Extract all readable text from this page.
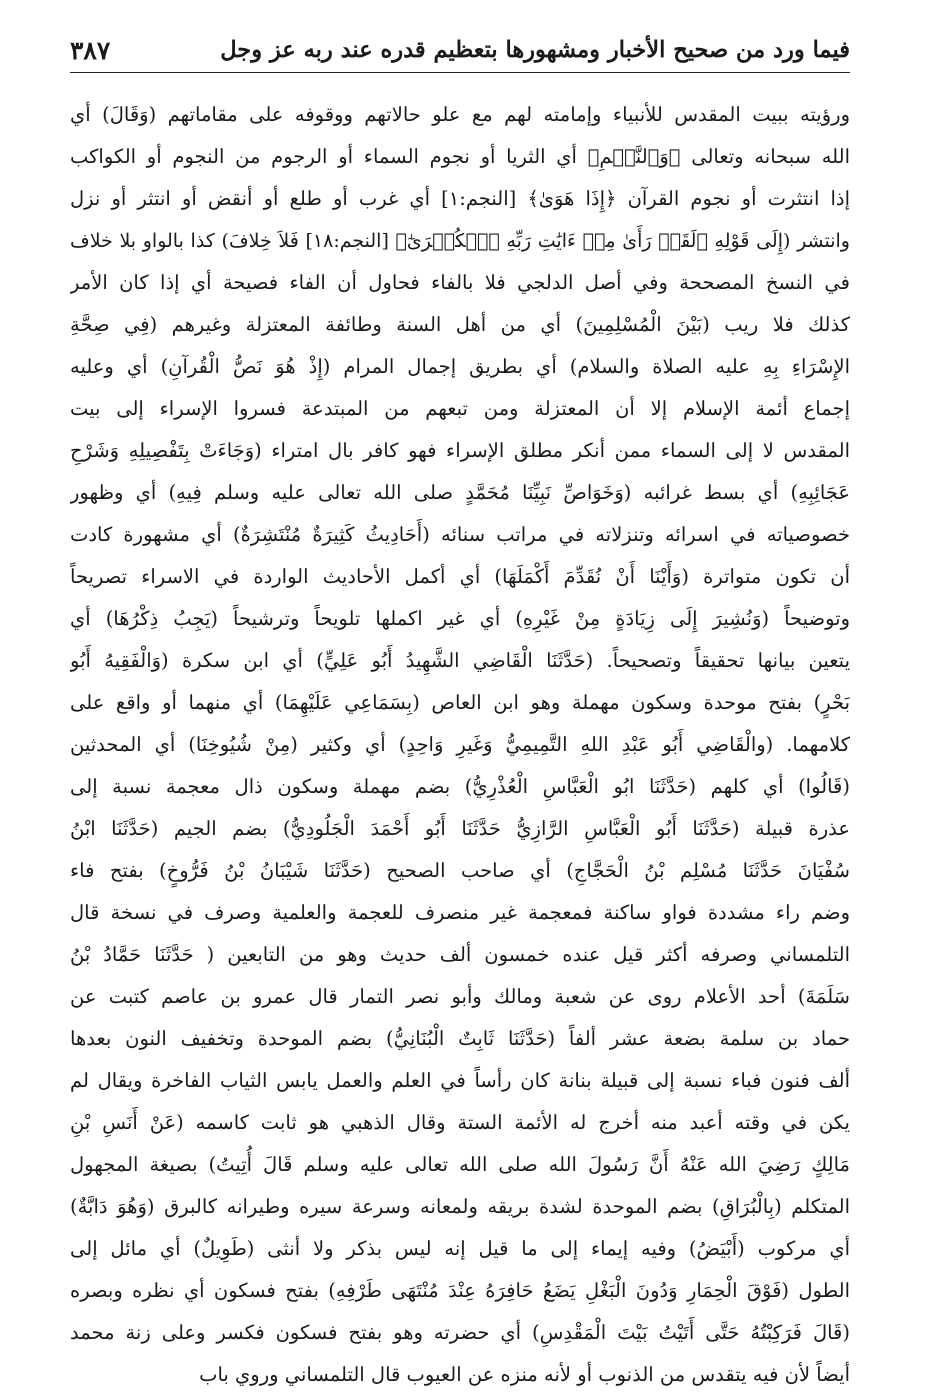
فيما ورد من صحيح الأخبار ومشهورها بتعظيم قدره عند ربه عز وجل
٣٨٧
ورؤيته ببيت المقدس للأنبياء وإمامته لهم مع علو حالاتهم ووقوفه على مقاماتهم (وَقَالَ) أي
الله سبحانه وتعالى ﴿وَٱلنَّجۡمِ﴾ أي الثريا أو نجوم السماء أو الرجوم من النجوم أو الكواكب
إذا انتثرت أو نجوم القرآن ﴿إِذَا هَوَىٰ﴾ [النجم:١] أي غرب أو طلع أو أنقض أو انتثر أو نزل
وانتشر (إِلَى قَوْلِهِ ﴿لَقَدۡ رَأَىٰ مِنۡ ءَايَٰتِ رَبِّهِ ٱلۡكُبۡرَىٰٓ﴾ [النجم:١٨] فَلاَ خِلافَ) كذا بالواو بلا خلاف
في النسخ المصححة وفي أصل الدلجي فلا بالفاء فحاول أن الفاء فصيحة أي إذا كان الأمر
كذلك فلا ريب (بَيْنَ الْمُسْلِمِينَ) أي من أهل السنة وطائفة المعتزلة وغيرهم (فِي صِحَّةِ
الإِسْرَاءِ بِهِ عليه الصلاة والسلام) أي بطريق إجمال المرام (إِذْ هُوَ نَصُّ الْقُرآنِ) أي وعليه
إجماع أئمة الإسلام إلا أن المعتزلة ومن تبعهم من المبتدعة فسروا الإسراء إلى بيت
المقدس لا إلى السماء ممن أنكر مطلق الإسراء فهو كافر بال امتراء (وَجَاءَتْ بِتَفْصِيلِهِ وَشَرْحِ
عَجَائِبِهِ) أي بسط غرائبه (وَخَوَاصِّ نَبِيِّنَا مُحَمَّدٍ صلى الله تعالى عليه وسلم فِيهِ) أي وظهور
خصوصياته في اسرائه وتنزلاته في مراتب سنائه (أَحَادِيثُ كَثِيرَةٌ مُنْتَشِرَةٌ) أي مشهورة كادت
أن تكون متواترة (وَأَيْنَا أَنْ نُقَدِّمَ أَكْمَلَهَا) أي أكمل الأحاديث الواردة في الاسراء تصريحاً
وتوضيحاً (وَنُشِيرَ إِلَى زِيَادَةٍ مِنْ غَيْرِهِ) أي غير اكملها تلويحاً وترشيحاً (يَجِبُ ذِكْرُهَا) أي
يتعين بيانها تحقيقاً وتصحيحاً. (حَدَّثَنَا الْقَاضِي الشَّهِيدُ أَبُو عَلِيٍّ) أي ابن سكرة (وَالْفَقِيهُ أَبُو
بَحْرٍ) بفتح موحدة وسكون مهملة وهو ابن العاص (بِسَمَاعِي عَلَيْهِمَا) أي منهما أو واقع على
كلامهما. (والْقَاضِي أَبُو عَبْدِ اللهِ التَّمِيمِيُّ وَغَيرِ وَاحِدٍ) أي وكثير (مِنْ شُيُوخِنَا) أي المحدثين
(قَالُوا) أي كلهم (حَدَّثَنَا ابُو الْعَبَّاسِ الْعُذْرِيُّ) بضم مهملة وسكون ذال معجمة نسبة إلى
عذرة قبيلة (حَدَّثَنَا أَبُو الْعَبَّاسِ الرَّازِيُّ حَدَّثَنَا أَبُو أَحْمَدَ الْجَلُودِيُّ) بضم الجيم (حَدَّثَنَا ابْنُ
سُفْيَانَ حَدَّثَنَا مُسْلِم بْنُ الْحَجَّاجِ) أي صاحب الصحيح (حَدَّثَنَا شَيْبَانُ بْنُ فَرُّوخٍ) بفتح فاء
وضم راء مشددة فواو ساكنة فمعجمة غير منصرف للعجمة والعلمية وصرف في نسخة قال
التلمساني وصرفه أكثر قيل عنده خمسون ألف حديث وهو من التابعين ( حَدَّثَنَا حَمَّادُ بْنُ
سَلَمَةَ) أحد الأعلام روى عن شعبة ومالك وأبو نصر التمار قال عمرو بن عاصم كتبت عن
حماد بن سلمة بضعة عشر ألفاً (حَدَّثَنَا ثَابِتٌ الْبُنَانِيُّ) بضم الموحدة وتخفيف النون بعدها
ألف فنون فباء نسبة إلى قبيلة بنانة كان رأساً في العلم والعمل يابس الثياب الفاخرة ويقال لم
يكن في وقته أعبد منه أخرج له الأئمة الستة وقال الذهبي هو ثابت كاسمه (عَنْ أَنَسِ بْنِ
مَالِكٍ رَضِيَ الله عَنْهُ أَنَّ رَسُولَ الله صلى الله تعالى عليه وسلم قَالَ أُتِيتُ) بصيغة المجهول
المتكلم (بِالْبُرَاقِ) بضم الموحدة لشدة بريقه ولمعانه وسرعة سيره وطيرانه كالبرق (وَهُوَ دَابَّةٌ)
أي مركوب (أَبْيَضُ) وفيه إيماء إلى ما قيل إنه ليس بذكر ولا أنثى (طَوِيلٌ) أي مائل إلى
الطول (فَوْقَ الْحِمَارِ وَدُونَ الْبَغْلِ يَضَعُ حَافِرَهُ عِنْدَ مُنْتَهَى طَرْفِهِ) بفتح فسكون أي نظره وبصره
(قَالَ فَرَكِبْتُهُ حَتَّى أَتَيْتُ بَيْتَ الْمَقْدِسِ) أي حضرته وهو بفتح فسكون فكسر وعلى زنة محمد
أيضاً لأن فيه يتقدس من الذنوب أو لأنه منزه عن العيوب قال التلمساني وروي باب
